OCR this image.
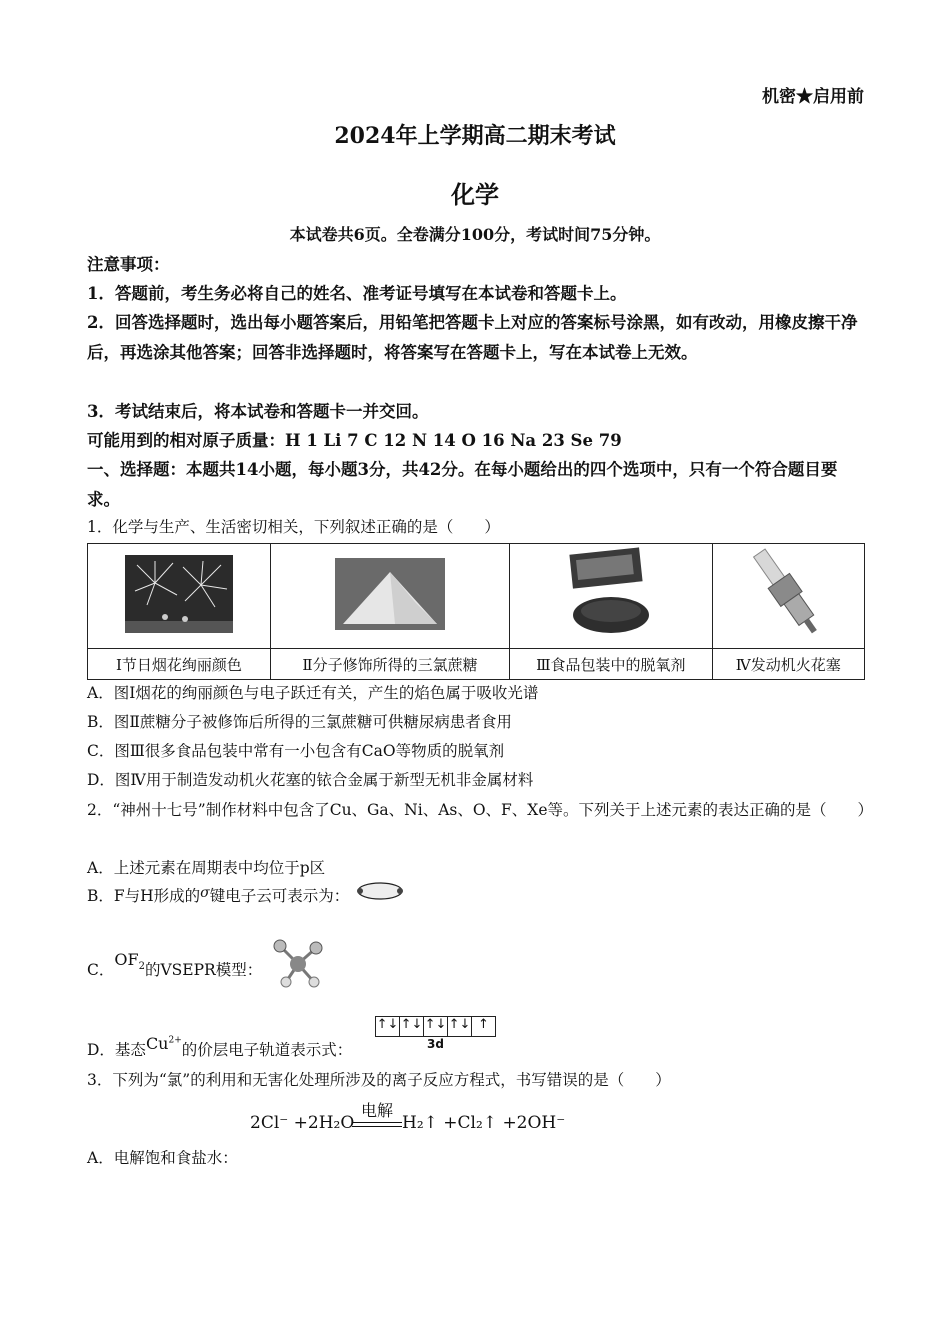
机密★启用前
2024年上学期高二期末考试
化学
本试卷共6页。全卷满分100分，考试时间75分钟。
注意事项：
1．答题前，考生务必将自己的姓名、准考证号填写在本试卷和答题卡上。
2．回答选择题时，选出每小题答案后，用铅笔把答题卡上对应的答案标号涂黑，如有改动，用橡皮擦干净后，再选涂其他答案；回答非选择题时，将答案写在答题卡上，写在本试卷上无效。
3．考试结束后，将本试卷和答题卡一并交回。
可能用到的相对原子质量：H 1 Li 7 C 12 N 14 O 16 Na 23 Se 79
一、选择题：本题共14小题，每小题3分，共42分。在每小题给出的四个选项中，只有一个符合题目要求。
1．化学与生产、生活密切相关，下列叙述正确的是（　　）

Ⅰ节日烟花绚丽颜色	Ⅱ分子修饰所得的三氯蔗糖	Ⅲ食品包装中的脱氧剂	Ⅳ发动机火花塞
A．图Ⅰ烟花的绚丽颜色与电子跃迁有关，产生的焰色属于吸收光谱
B．图Ⅱ蔗糖分子被修饰后所得的三氯蔗糖可供糖尿病患者食用
C．图Ⅲ很多食品包装中常有一小包含有CaO等物质的脱氧剂
D．图Ⅳ用于制造发动机火花塞的铱合金属于新型无机非金属材料
2．“神州十七号”制作材料中包含了Cu、Ga、Ni、As、O、F、Xe等。下列关于上述元素的表达正确的是（　　）
A．上述元素在周期表中均位于p区
B．F与H形成的σ键电子云可表示为：
C．$OF_2$的VSEPR模型：
D．基态$Cu^{2+}$的价层电子轨道表示式：
↑↓ ↑↓ ↑↓ ↑↓ ↑
3d
3．下列为“氯”的利用和无害化处理所涉及的离子反应方程式，书写错误的是（　　）
2Cl⁻ +2H₂O
电解
H₂↑ +Cl₂↑ +2OH⁻
A．电解饱和食盐水：
